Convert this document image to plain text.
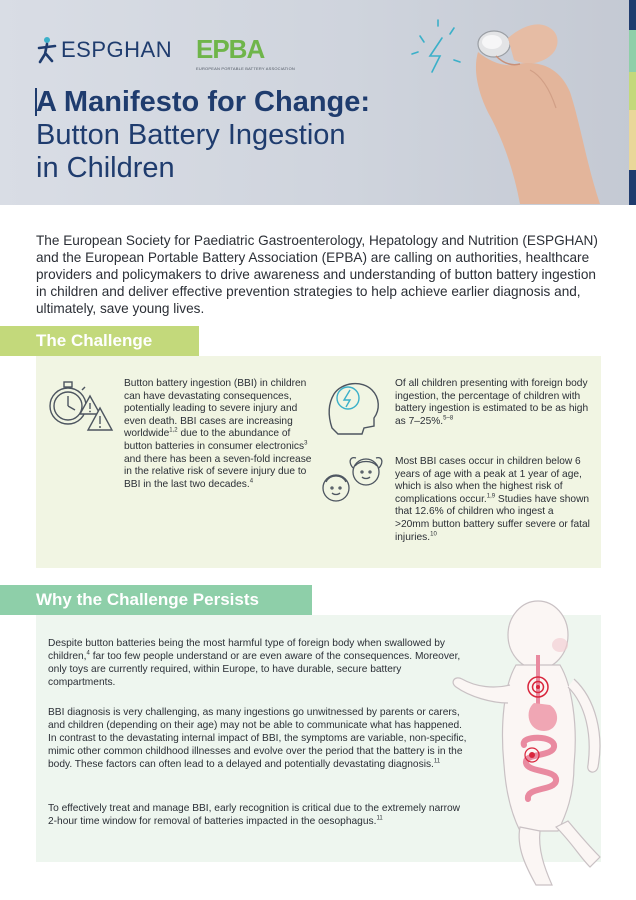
ESPGHAN EPBA
EUROPEAN PORTABLE BATTERY ASSOCIATION
A Manifesto for Change:
Button Battery Ingestion
in Children

The European Society for Paediatric Gastroenterology, Hepatology and Nutrition (ESPGHAN) and the European Portable Battery Association (EPBA) are calling on authorities, healthcare providers and policymakers to drive awareness and understanding of button battery ingestion in children and deliver effective prevention strategies to help achieve earlier diagnosis and, ultimately, save young lives.

The Challenge

Button battery ingestion (BBI) in children can have devastating consequences, potentially leading to severe injury and even death. BBI cases are increasing worldwide$^{1,2}$ due to the abundance of button batteries in consumer electronics$^3$ and there has been a seven-fold increase in the relative risk of severe injury due to BBI in the last two decades.$^4$

Of all children presenting with foreign body ingestion, the percentage of children with battery ingestion is estimated to be as high as 7–25%.$^{5-8}$

Most BBI cases occur in children below 6 years of age with a peak at 1 year of age, which is also when the highest risk of complications occur.$^{1,9}$ Studies have shown that 12.6% of children who ingest a >20mm button battery suffer severe or fatal injuries.$^{10}$

Why the Challenge Persists

Despite button batteries being the most harmful type of foreign body when swallowed by children,$^4$ far too few people understand or are even aware of the consequences. Moreover, only toys are currently required, within Europe, to have durable, secure battery compartments.

BBI diagnosis is very challenging, as many ingestions go unwitnessed by parents or carers, and children (depending on their age) may not be able to communicate what has happened. In contrast to the devastating internal impact of BBI, the symptoms are variable, non-specific, mimic other common childhood illnesses and evolve over the period that the battery is in the body. These factors can often lead to a delayed and potentially devastating diagnosis.$^{11}$

To effectively treat and manage BBI, early recognition is critical due to the extremely narrow 2-hour time window for removal of batteries impacted in the oesophagus.$^{11}$
